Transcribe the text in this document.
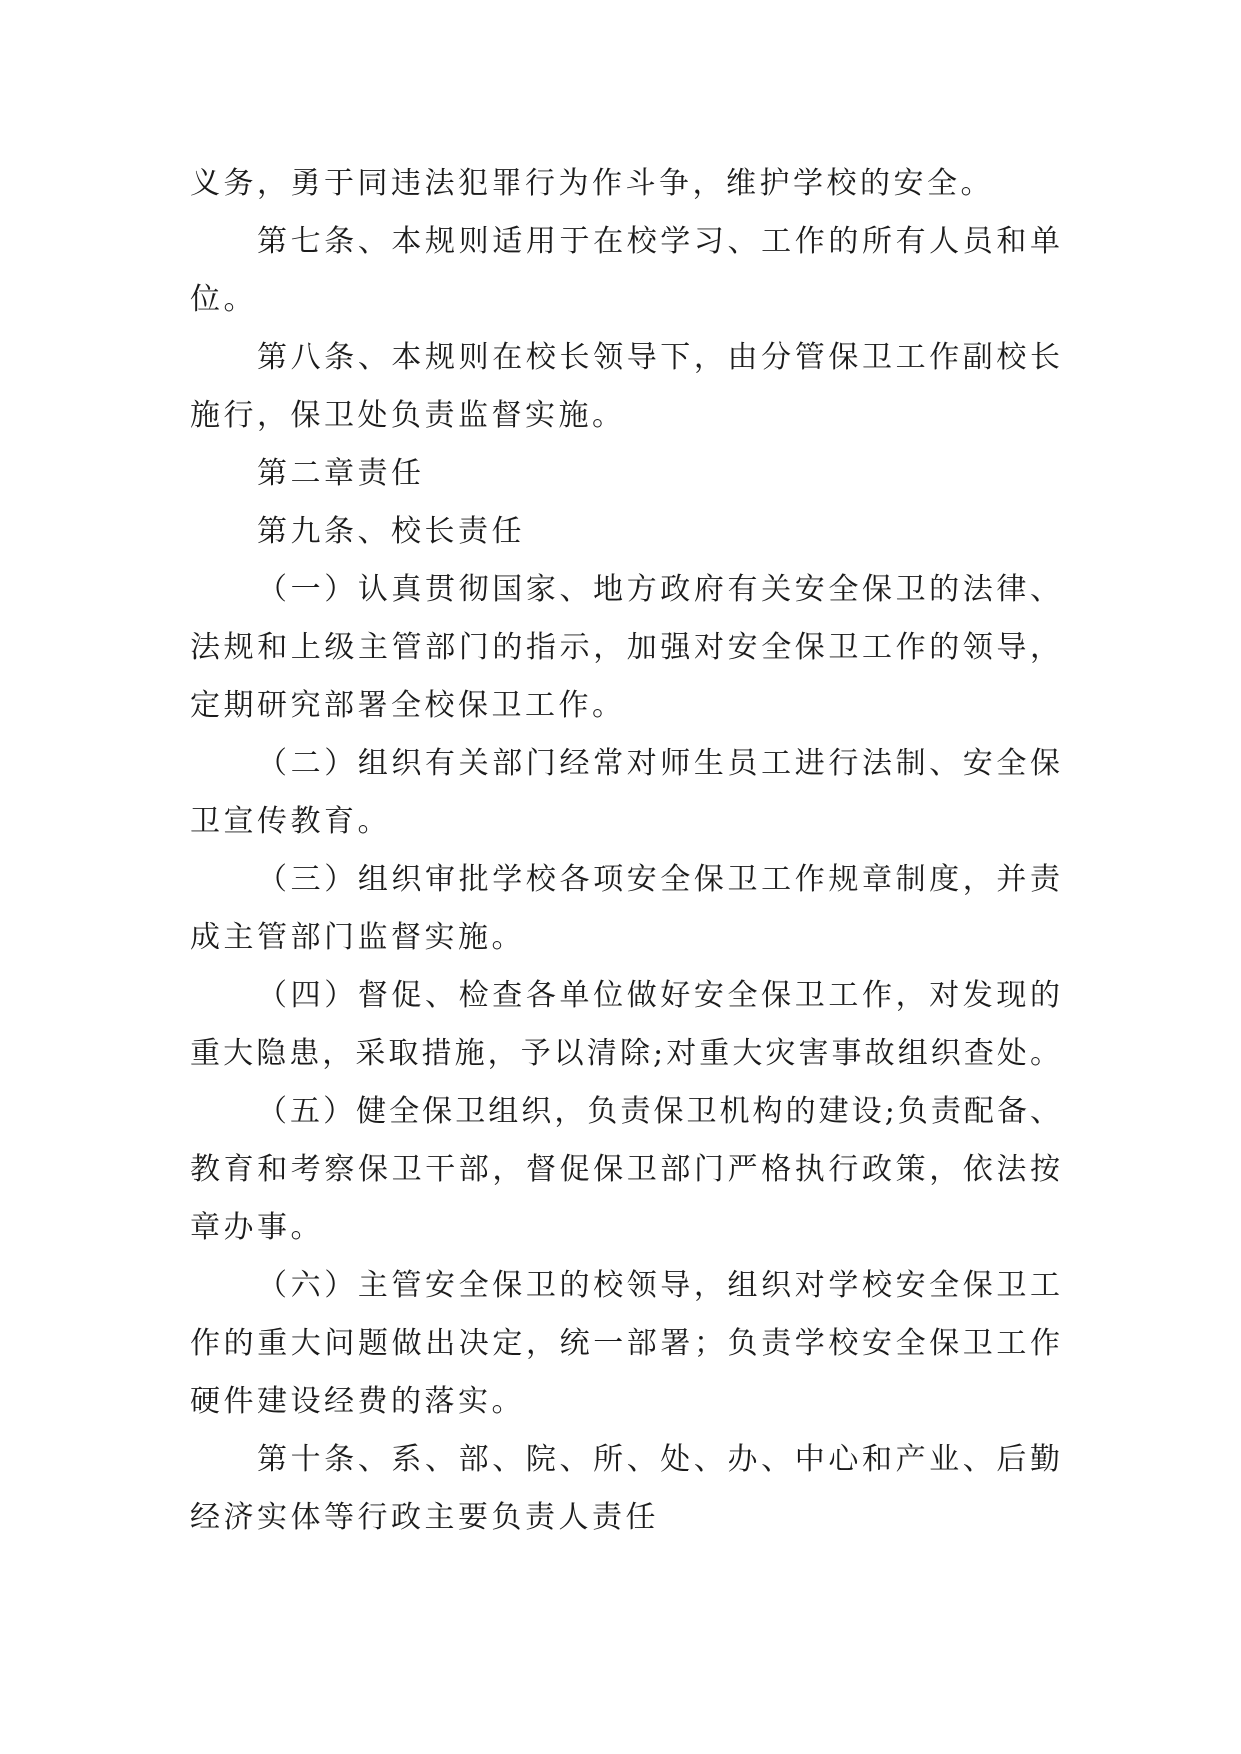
义务，勇于同违法犯罪行为作斗争，维护学校的安全。
第七条、本规则适用于在校学习、工作的所有人员和单
位。
第八条、本规则在校长领导下，由分管保卫工作副校长
施行，保卫处负责监督实施。
第二章责任
第九条、校长责任
（一）认真贯彻国家、地方政府有关安全保卫的法律、
法规和上级主管部门的指示，加强对安全保卫工作的领导，
定期研究部署全校保卫工作。
（二）组织有关部门经常对师生员工进行法制、安全保
卫宣传教育。
（三）组织审批学校各项安全保卫工作规章制度，并责
成主管部门监督实施。
（四）督促、检查各单位做好安全保卫工作，对发现的
重大隐患，采取措施，予以清除;对重大灾害事故组织查处。
（五）健全保卫组织，负责保卫机构的建设;负责配备、
教育和考察保卫干部，督促保卫部门严格执行政策，依法按
章办事。
（六）主管安全保卫的校领导，组织对学校安全保卫工
作的重大问题做出决定，统一部署；负责学校安全保卫工作
硬件建设经费的落实。
第十条、系、部、院、所、处、办、中心和产业、后勤
经济实体等行政主要负责人责任
